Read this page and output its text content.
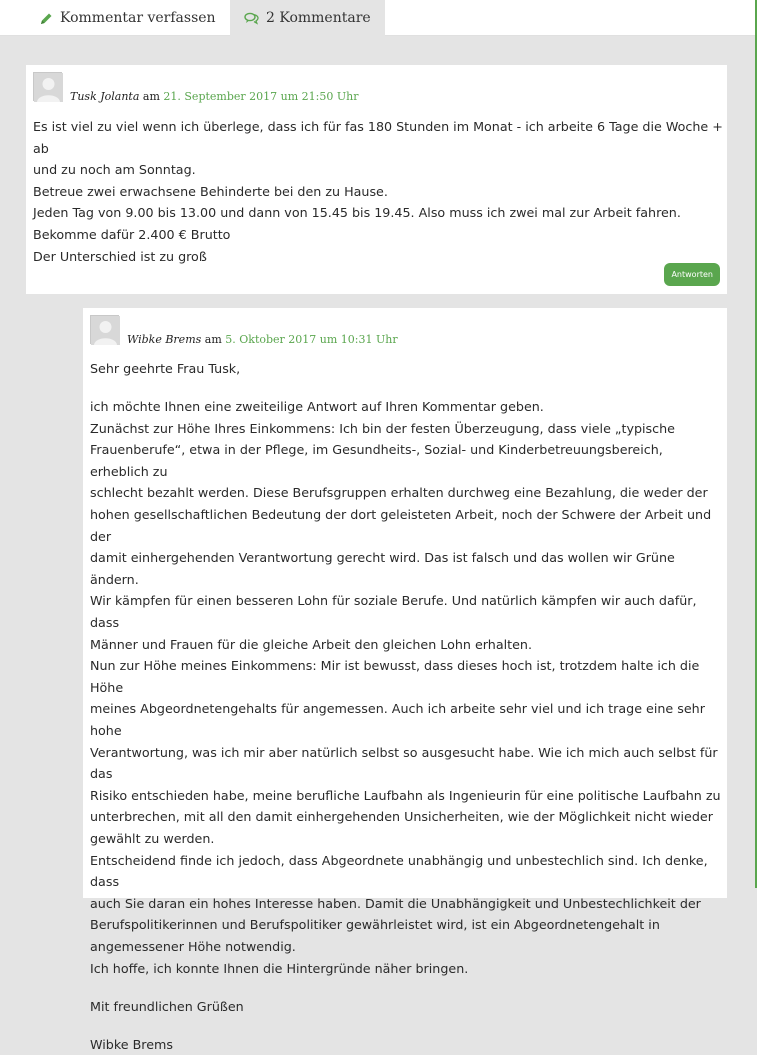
Kommentar verfassen	2 Kommentare
Tusk Jolanta am 21. September 2017 um 21:50 Uhr

Es ist viel zu viel wenn ich überlege, dass ich für fas 180 Stunden im Monat - ich arbeite 6 Tage die Woche + ab

und zu noch am Sonntag.

Betreue zwei erwachsene Behinderte bei den zu Hause.

Jeden Tag von 9.00 bis 13.00 und dann von 15.45 bis 19.45. Also muss ich zwei mal zur Arbeit fahren.

Bekomme dafür 2.400 € Brutto

Der Unterschied ist zu groß

Antworten
Wibke Brems am 5. Oktober 2017 um 10:31 Uhr

Sehr geehrte Frau Tusk,

ich möchte Ihnen eine zweiteilige Antwort auf Ihren Kommentar geben.

Zunächst zur Höhe Ihres Einkommens: Ich bin der festen Überzeugung, dass viele „typische

Frauenberufe“, etwa in der Pflege, im Gesundheits-, Sozial- und Kinderbetreuungsbereich, erheblich zu

schlecht bezahlt werden. Diese Berufsgruppen erhalten durchweg eine Bezahlung, die weder der

hohen gesellschaftlichen Bedeutung der dort geleisteten Arbeit, noch der Schwere der Arbeit und der

damit einhergehenden Verantwortung gerecht wird. Das ist falsch und das wollen wir Grüne ändern.

Wir kämpfen für einen besseren Lohn für soziale Berufe. Und natürlich kämpfen wir auch dafür, dass

Männer und Frauen für die gleiche Arbeit den gleichen Lohn erhalten.

Nun zur Höhe meines Einkommens: Mir ist bewusst, dass dieses hoch ist, trotzdem halte ich die Höhe

meines Abgeordnetengehalts für angemessen. Auch ich arbeite sehr viel und ich trage eine sehr hohe

Verantwortung, was ich mir aber natürlich selbst so ausgesucht habe. Wie ich mich auch selbst für das

Risiko entschieden habe, meine berufliche Laufbahn als Ingenieurin für eine politische Laufbahn zu

unterbrechen, mit all den damit einhergehenden Unsicherheiten, wie der Möglichkeit nicht wieder

gewählt zu werden.

Entscheidend finde ich jedoch, dass Abgeordnete unabhängig und unbestechlich sind. Ich denke, dass

auch Sie daran ein hohes Interesse haben. Damit die Unabhängigkeit und Unbestechlichkeit der

Berufspolitikerinnen und Berufspolitiker gewährleistet wird, ist ein Abgeordnetengehalt in

angemessener Höhe notwendig.

Ich hoffe, ich konnte Ihnen die Hintergründe näher bringen.

Mit freundlichen Grüßen

Wibke Brems
